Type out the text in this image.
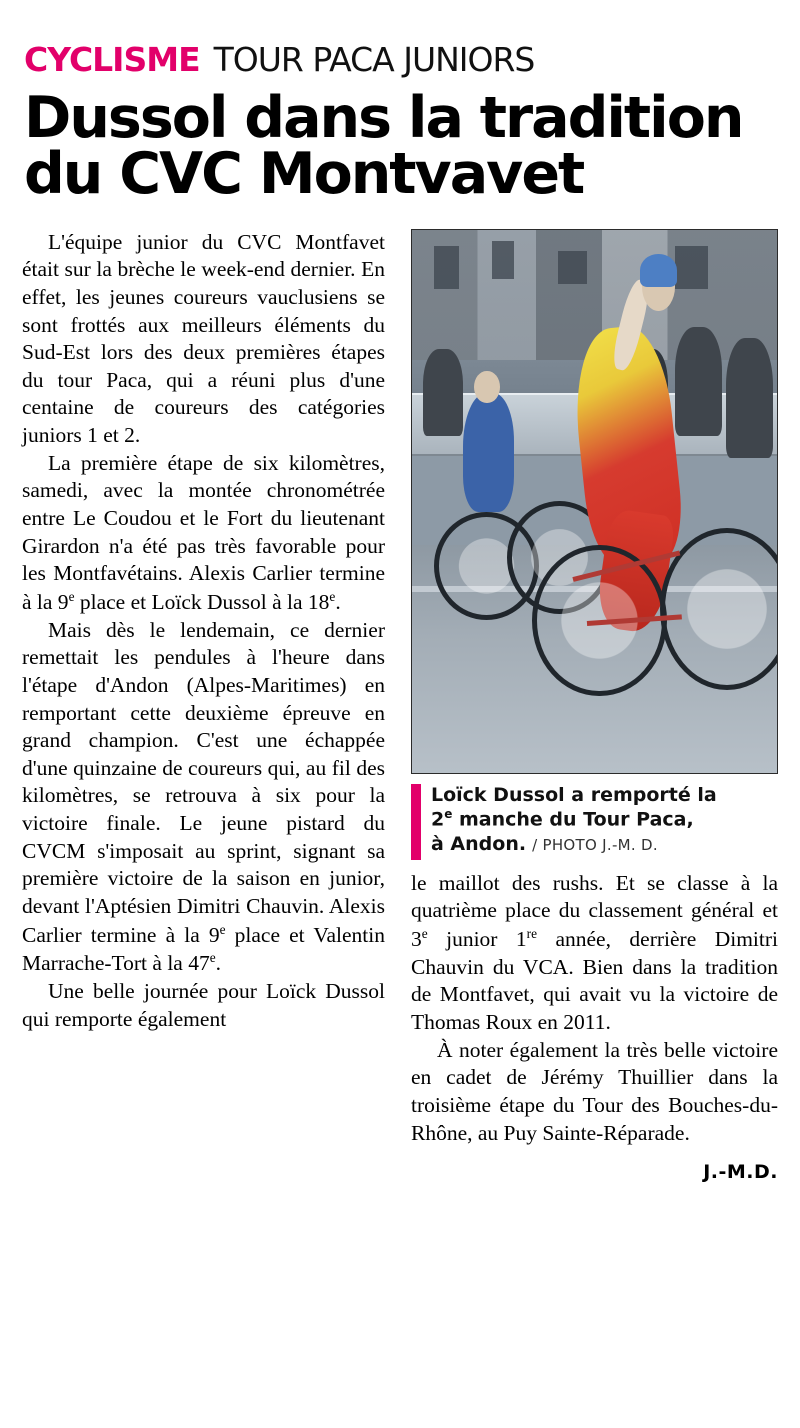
CYCLISME TOUR PACA JUNIORS
Dussol dans la tradition
du CVC Montvavet
Loïck Dussol a remporté la
2e manche du Tour Paca,
à Andon. / PHOTO J.-M. D.

le maillot des rushs. Et se classe à la quatrième place du classement général et 3e junior 1re année, derrière Dimitri Chauvin du VCA. Bien dans la tradition de Montfavet, qui avait vu la victoire de Thomas Roux en 2011.

À noter également la très belle victoire en cadet de Jérémy Thuillier dans la troisième étape du Tour des Bouches-du-Rhône, au Puy Sainte-Réparade.

J.-M.D.

L'équipe junior du CVC Montfavet était sur la brèche le week-end dernier. En effet, les jeunes coureurs vauclusiens se sont frottés aux meilleurs éléments du Sud-Est lors des deux premières étapes du tour Paca, qui a réuni plus d'une centaine de coureurs des catégories juniors 1 et 2.

La première étape de six kilomètres, samedi, avec la montée chronométrée entre Le Coudou et le Fort du lieutenant Girardon n'a été pas très favorable pour les Montfavétains. Alexis Carlier termine à la 9e place et Loïck Dussol à la 18e.

Mais dès le lendemain, ce dernier remettait les pendules à l'heure dans l'étape d'Andon (Alpes-Maritimes) en remportant cette deuxième épreuve en grand champion. C'est une échappée d'une quinzaine de coureurs qui, au fil des kilomètres, se retrouva à six pour la victoire finale. Le jeune pistard du CVCM s'imposait au sprint, signant sa première victoire de la saison en junior, devant l'Aptésien Dimitri Chauvin. Alexis Carlier termine à la 9e place et Valentin Marrache-Tort à la 47e.

Une belle journée pour Loïck Dussol qui remporte également
